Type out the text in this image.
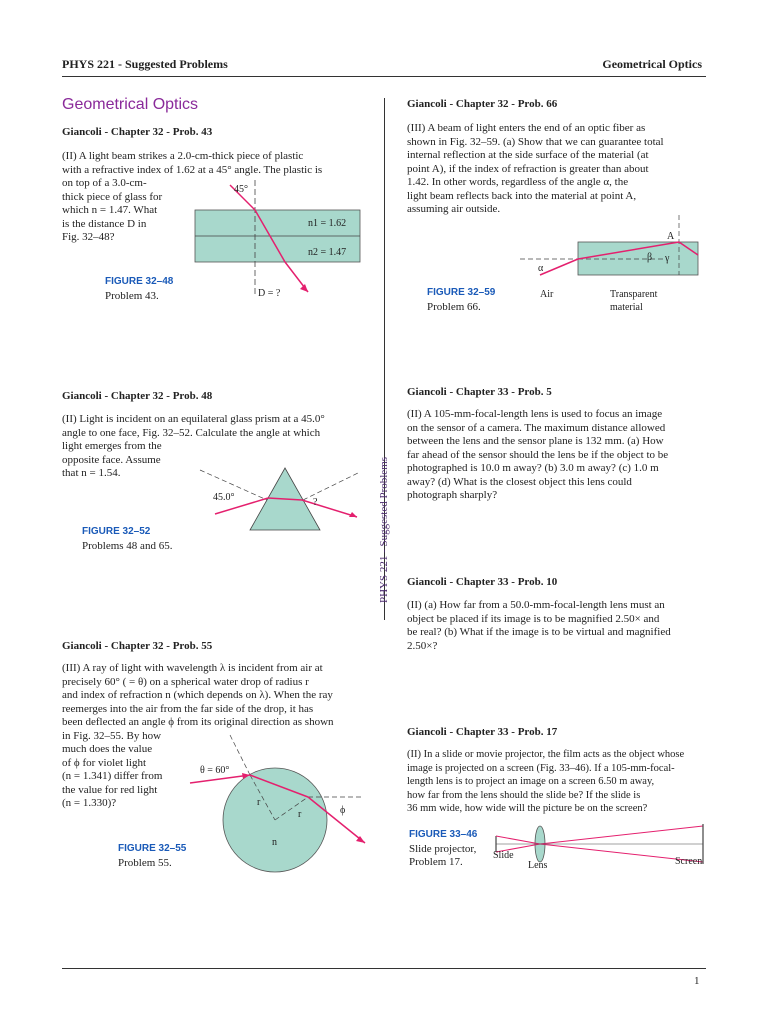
PHYS 221 - Suggested Problems	Geometrical Optics
PHYS 221 - Suggested Problems
1
Geometrical Optics
Giancoli - Chapter 32 - Prob. 43
(II) A light beam strikes a 2.0-cm-thick piece of plastic
with a refractive index of 1.62 at a 45° angle. The plastic is
on top of a 3.0-cm-
thick piece of glass for
which n = 1.47. What
is the distance D in
Fig. 32–48?
45°
n1 = 1.62
n2 = 1.47
D = ?
FIGURE 32–48
Problem 43.
Giancoli - Chapter 32 - Prob. 48
(II) Light is incident on an equilateral glass prism at a 45.0°
angle to one face, Fig. 32–52. Calculate the angle at which
light emerges from the
opposite face. Assume
that n = 1.54.
45.0°	?
FIGURE 32–52
Problems 48 and 65.
Giancoli - Chapter 32 - Prob. 55
(III) A ray of light with wavelength λ is incident from air at
precisely 60° ( = θ) on a spherical water drop of radius r
and index of refraction n (which depends on λ). When the ray
reemerges into the air from the far side of the drop, it has
been deflected an angle ϕ from its original direction as shown
in Fig. 32–55. By how
much does the value
of ϕ for violet light
(n = 1.341) differ from
the value for red light
(n = 1.330)?
θ = 60°
r
r	ϕ
n
FIGURE 32–55
Problem 55.
Giancoli - Chapter 32 - Prob. 66
(III) A beam of light enters the end of an optic fiber as
shown in Fig. 32–59. (a) Show that we can guarantee total
internal reflection at the side surface of the material (at
point A), if the index of refraction is greater than about
1.42. In other words, regardless of the angle α, the
light beam reflects back into the material at point A,
assuming air outside.
A
α
β γ
Air	Transparent
material
FIGURE 32–59
Problem 66.
Giancoli - Chapter 33 - Prob. 5
(II) A 105-mm-focal-length lens is used to focus an image
on the sensor of a camera. The maximum distance allowed
between the lens and the sensor plane is 132 mm. (a) How
far ahead of the sensor should the lens be if the object to be
photographed is 10.0 m away? (b) 3.0 m away? (c) 1.0 m
away? (d) What is the closest object this lens could
photograph sharply?
Giancoli - Chapter 33 - Prob. 10
(II) (a) How far from a 50.0-mm-focal-length lens must an
object be placed if its image is to be magnified 2.50× and
be real? (b) What if the image is to be virtual and magnified
2.50×?
Giancoli - Chapter 33 - Prob. 17
(II) In a slide or movie projector, the film acts as the object whose
image is projected on a screen (Fig. 33–46). If a 105-mm-focal-
length lens is to project an image on a screen 6.50 m away,
how far from the lens should the slide be? If the slide is
36 mm wide, how wide will the picture be on the screen?
FIGURE 33–46
Slide projector,
Problem 17.
Slide
Lens	Screen
